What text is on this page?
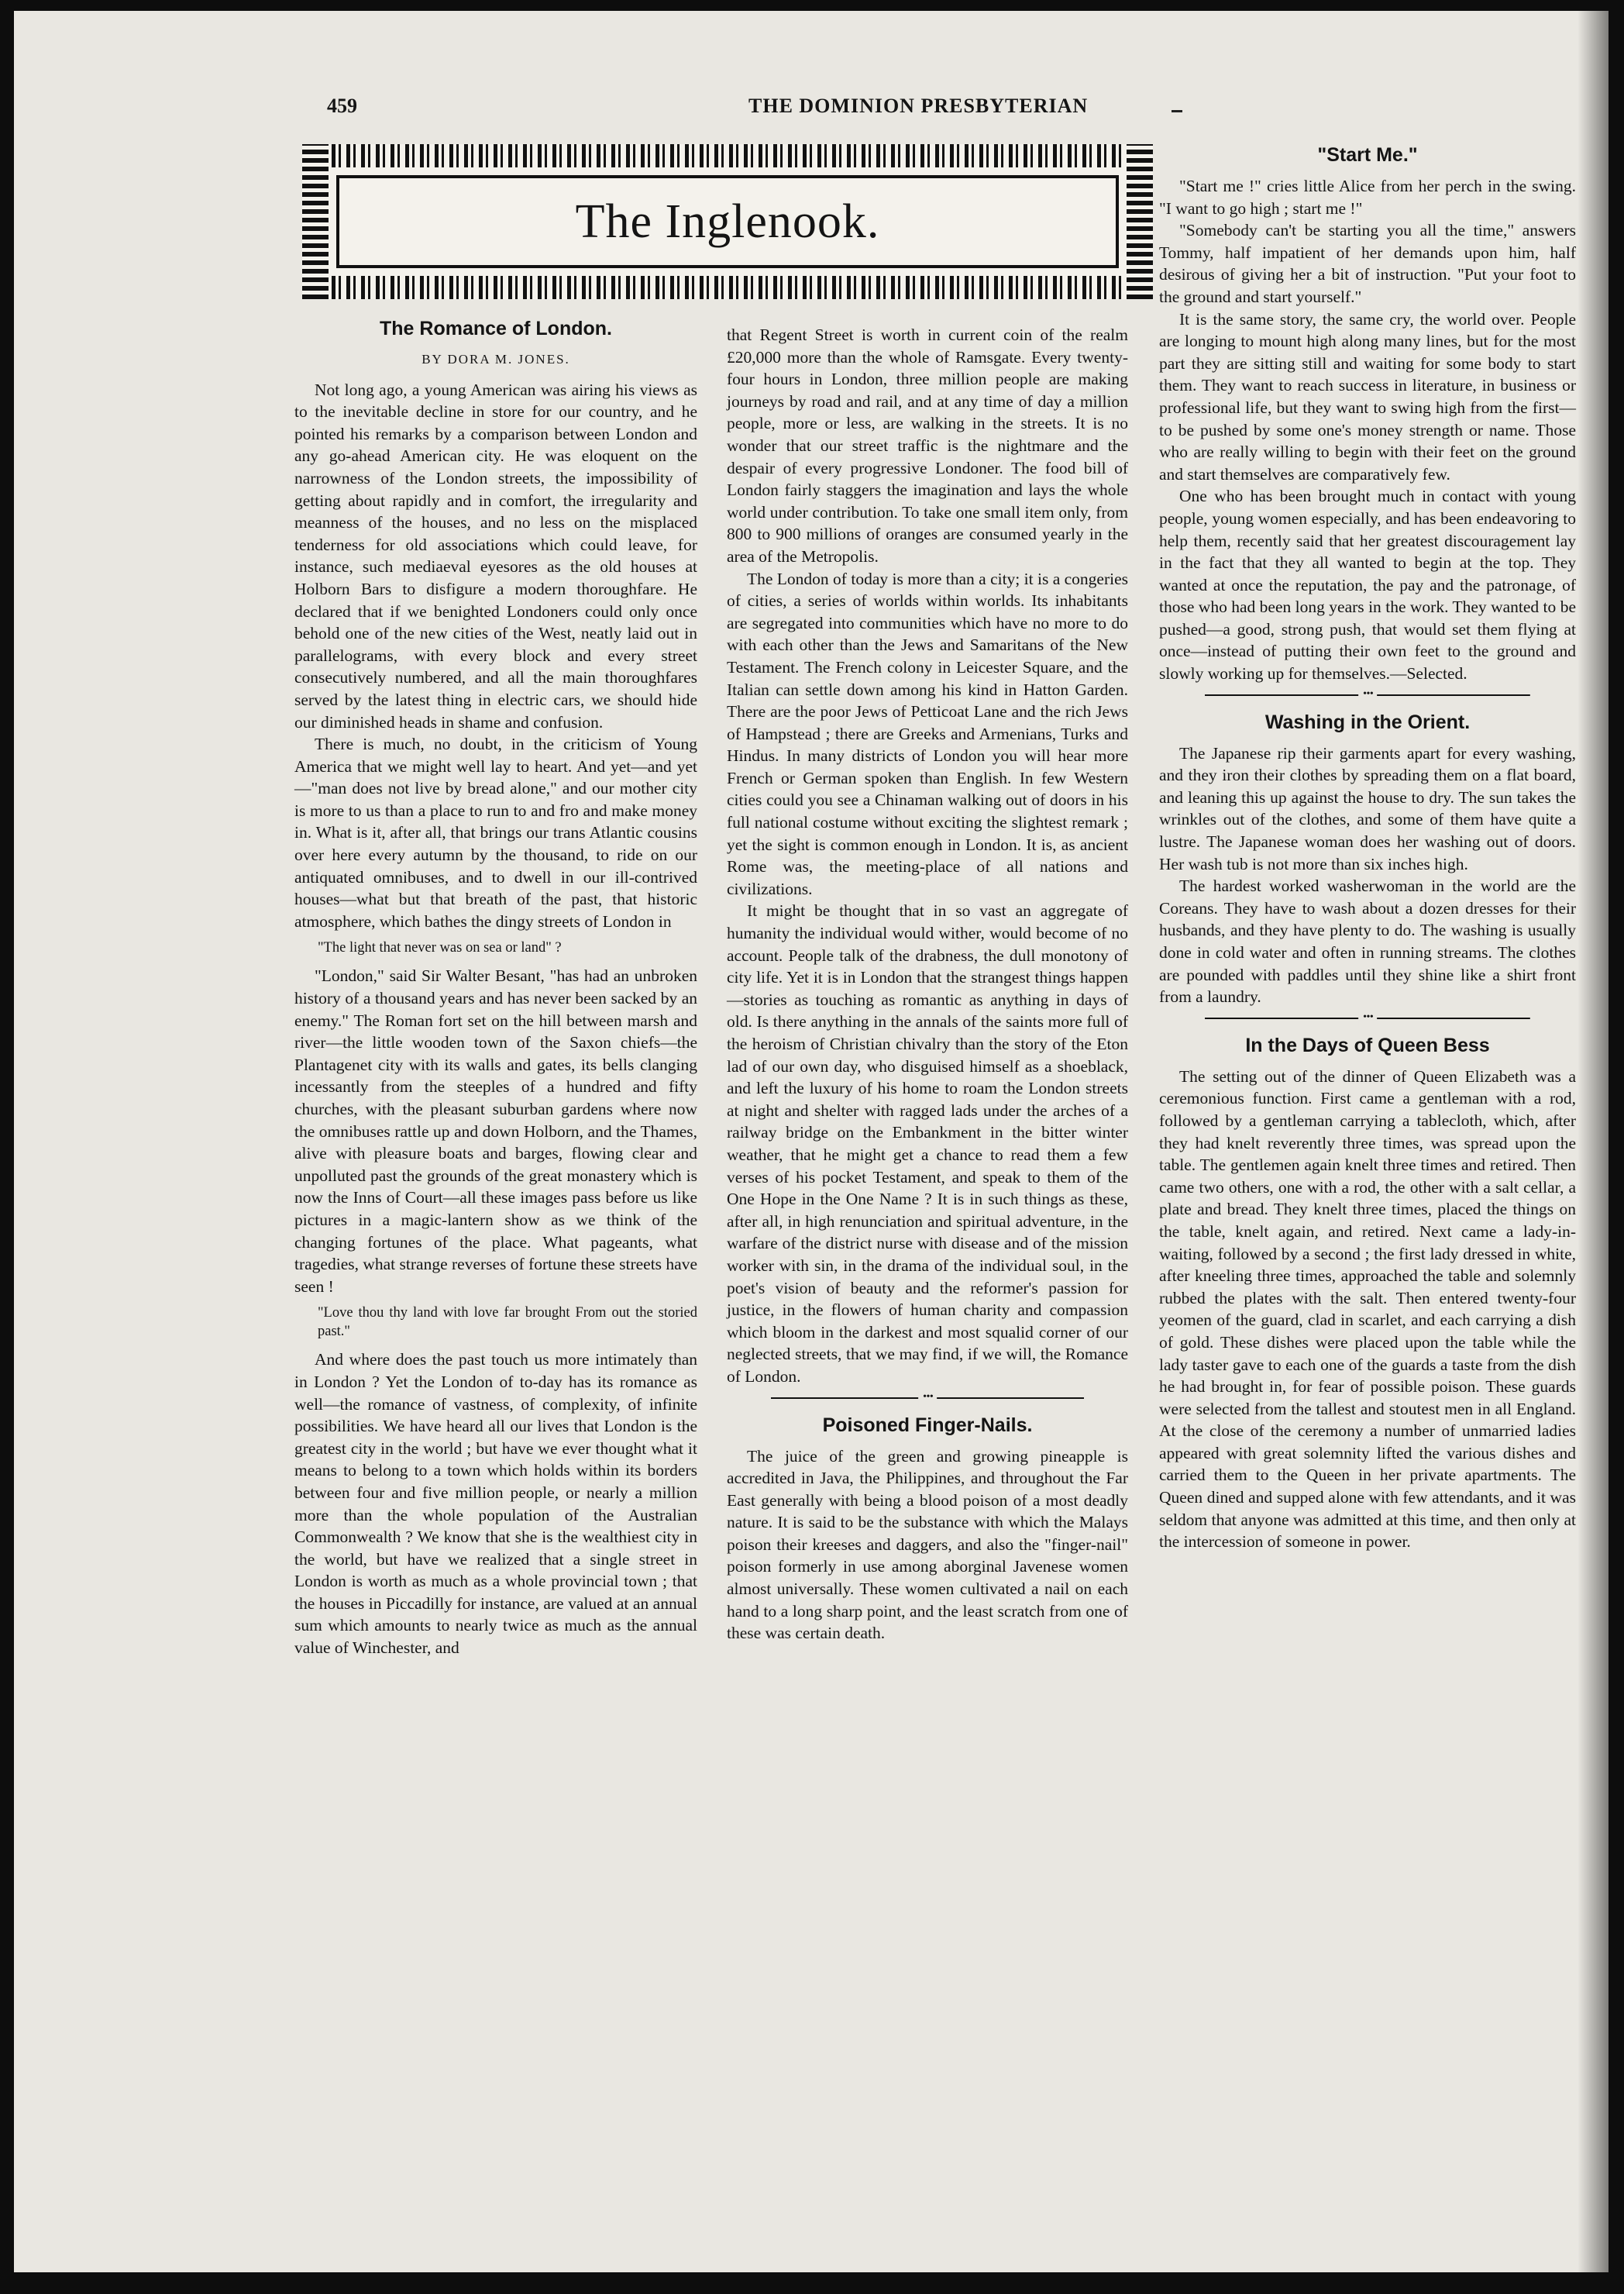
459	THE DOMINION PRESBYTERIAN
The Inglenook.
The Romance of London.
BY DORA M. JONES.

Not long ago, a young American was airing his views as to the inevitable decline in store for our country, and he pointed his remarks by a comparison between London and any go-ahead American city. He was eloquent on the narrowness of the London streets, the impossibility of getting about rapidly and in comfort, the irregularity and meanness of the houses, and no less on the misplaced tenderness for old associations which could leave, for instance, such mediaeval eyesores as the old houses at Holborn Bars to disfigure a modern thoroughfare. He declared that if we benighted Londoners could only once behold one of the new cities of the West, neatly laid out in parallelograms, with every block and every street consecutively numbered, and all the main thoroughfares served by the latest thing in electric cars, we should hide our diminished heads in shame and confusion.

There is much, no doubt, in the criticism of Young America that we might well lay to heart. And yet—and yet—"man does not live by bread alone," and our mother city is more to us than a place to run to and fro and make money in. What is it, after all, that brings our trans Atlantic cousins over here every autumn by the thousand, to ride on our antiquated omnibuses, and to dwell in our ill-contrived houses—what but that breath of the past, that historic atmosphere, which bathes the dingy streets of London in

"The light that never was on sea or land" ?

"London," said Sir Walter Besant, "has had an unbroken history of a thousand years and has never been sacked by an enemy." The Roman fort set on the hill between marsh and river—the little wooden town of the Saxon chiefs—the Plantagenet city with its walls and gates, its bells clanging incessantly from the steeples of a hundred and fifty churches, with the pleasant suburban gardens where now the omnibuses rattle up and down Holborn, and the Thames, alive with pleasure boats and barges, flowing clear and unpolluted past the grounds of the great monastery which is now the Inns of Court—all these images pass before us like pictures in a magic-lantern show as we think of the changing fortunes of the place. What pageants, what tragedies, what strange reverses of fortune these streets have seen !

"Love thou thy land with love far brought From out the storied past."

And where does the past touch us more intimately than in London ? Yet the London of to-day has its romance as well—the romance of vastness, of complexity, of infinite possibilities. We have heard all our lives that London is the greatest city in the world ; but have we ever thought what it means to belong to a town which holds within its borders between four and five million people, or nearly a million more than the whole population of the Australian Commonwealth ? We know that she is the wealthiest city in the world, but have we realized that a single street in London is worth as much as a whole provincial town ; that the houses in Piccadilly for instance, are valued at an annual sum which amounts to nearly twice as much as the annual value of Winchester, and

that Regent Street is worth in current coin of the realm £20,000 more than the whole of Ramsgate. Every twenty-four hours in London, three million people are making journeys by road and rail, and at any time of day a million people, more or less, are walking in the streets. It is no wonder that our street traffic is the nightmare and the despair of every progressive Londoner. The food bill of London fairly staggers the imagination and lays the whole world under contribution. To take one small item only, from 800 to 900 millions of oranges are consumed yearly in the area of the Metropolis.

The London of today is more than a city; it is a congeries of cities, a series of worlds within worlds. Its inhabitants are segregated into communities which have no more to do with each other than the Jews and Samaritans of the New Testament. The French colony in Leicester Square, and the Italian can settle down among his kind in Hatton Garden. There are the poor Jews of Petticoat Lane and the rich Jews of Hampstead ; there are Greeks and Armenians, Turks and Hindus. In many districts of London you will hear more French or German spoken than English. In few Western cities could you see a Chinaman walking out of doors in his full national costume without exciting the slightest remark ; yet the sight is common enough in London. It is, as ancient Rome was, the meeting-place of all nations and civilizations.

It might be thought that in so vast an aggregate of humanity the individual would wither, would become of no account. People talk of the drabness, the dull monotony of city life. Yet it is in London that the strangest things happen—stories as touching as romantic as anything in days of old. Is there anything in the annals of the saints more full of the heroism of Christian chivalry than the story of the Eton lad of our own day, who disguised himself as a shoeblack, and left the luxury of his home to roam the London streets at night and shelter with ragged lads under the arches of a railway bridge on the Embankment in the bitter winter weather, that he might get a chance to read them a few verses of his pocket Testament, and speak to them of the One Hope in the One Name ? It is in such things as these, after all, in high renunciation and spiritual adventure, in the warfare of the district nurse with disease and of the mission worker with sin, in the drama of the individual soul, in the poet's vision of beauty and the reformer's passion for justice, in the flowers of human charity and compassion which bloom in the darkest and most squalid corner of our neglected streets, that we may find, if we will, the Romance of London.

• • •
Poisoned Finger-Nails.

The juice of the green and growing pineapple is accredited in Java, the Philippines, and throughout the Far East generally with being a blood poison of a most deadly nature. It is said to be the substance with which the Malays poison their kreeses and daggers, and also the "finger-nail" poison formerly in use among aborginal Javenese women almost universally. These women cultivated a nail on each hand to a long sharp point, and the least scratch from one of these was certain death.

"Start Me."

"Start me !" cries little Alice from her perch in the swing. "I want to go high ; start me !"

"Somebody can't be starting you all the time," answers Tommy, half impatient of her demands upon him, half desirous of giving her a bit of instruction. "Put your foot to the ground and start yourself."

It is the same story, the same cry, the world over. People are longing to mount high along many lines, but for the most part they are sitting still and waiting for some body to start them. They want to reach success in literature, in business or professional life, but they want to swing high from the first—to be pushed by some one's money strength or name. Those who are really willing to begin with their feet on the ground and start themselves are comparatively few.

One who has been brought much in contact with young people, young women especially, and has been endeavoring to help them, recently said that her greatest discouragement lay in the fact that they all wanted to begin at the top. They wanted at once the reputation, the pay and the patronage, of those who had been long years in the work. They wanted to be pushed—a good, strong push, that would set them flying at once—instead of putting their own feet to the ground and slowly working up for themselves.—Selected.

• • •
Washing in the Orient.

The Japanese rip their garments apart for every washing, and they iron their clothes by spreading them on a flat board, and leaning this up against the house to dry. The sun takes the wrinkles out of the clothes, and some of them have quite a lustre. The Japanese woman does her washing out of doors. Her wash tub is not more than six inches high.

The hardest worked washerwoman in the world are the Coreans. They have to wash about a dozen dresses for their husbands, and they have plenty to do. The washing is usually done in cold water and often in running streams. The clothes are pounded with paddles until they shine like a shirt front from a laundry.

• • •
In the Days of Queen Bess

The setting out of the dinner of Queen Elizabeth was a ceremonious function. First came a gentleman with a rod, followed by a gentleman carrying a tablecloth, which, after they had knelt reverently three times, was spread upon the table. The gentlemen again knelt three times and retired. Then came two others, one with a rod, the other with a salt cellar, a plate and bread. They knelt three times, placed the things on the table, knelt again, and retired. Next came a lady-in-waiting, followed by a second ; the first lady dressed in white, after kneeling three times, approached the table and solemnly rubbed the plates with the salt. Then entered twenty-four yeomen of the guard, clad in scarlet, and each carrying a dish of gold. These dishes were placed upon the table while the lady taster gave to each one of the guards a taste from the dish he had brought in, for fear of possible poison. These guards were selected from the tallest and stoutest men in all England. At the close of the ceremony a number of unmarried ladies appeared with great solemnity lifted the various dishes and carried them to the Queen in her private apartments. The Queen dined and supped alone with few attendants, and it was seldom that anyone was admitted at this time, and then only at the intercession of someone in power.
